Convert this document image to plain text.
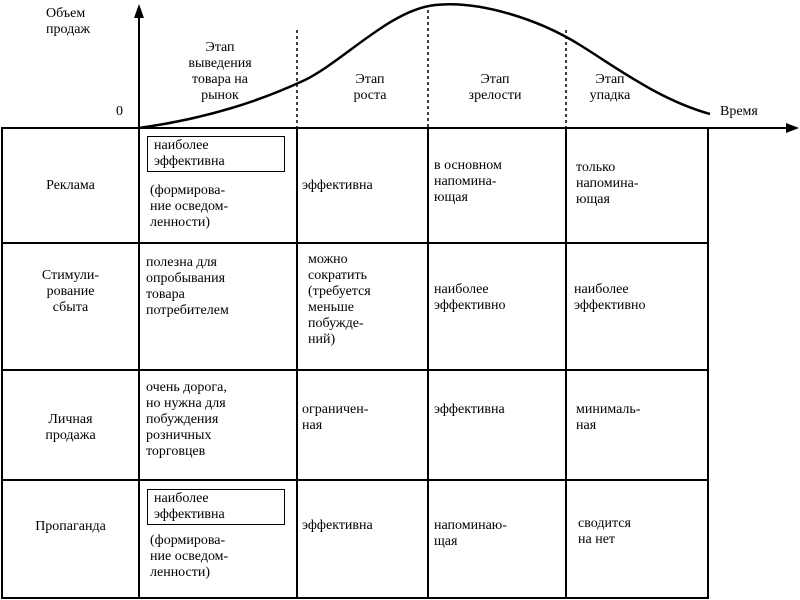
Объем
продаж
Время
0
Этап
выведения
товара на
рынок
Этап
роста
Этап
зрелости
Этап
упадка
Реклама
наиболее
эффективна
(формирова-
ние осведом-
ленности)
эффективна
в основном
напомина-
ющая
только
напомина-
ющая
Стимули-
рование
сбыта
полезна для
опробывания
товара
потребителем
можно
сократить
(требуется
меньше
побужде-
ний)
наиболее
эффективно
наиболее
эффективно
Личная
продажа
очень дорога,
но нужна для
побуждения
розничных
торговцев
ограничен-
ная
эффективна	минималь-
ная
Пропаганда
наиболее
эффективна
(формирова-
ние осведом-
ленности)
эффективна	напоминаю-
щая
сводится
на нет
